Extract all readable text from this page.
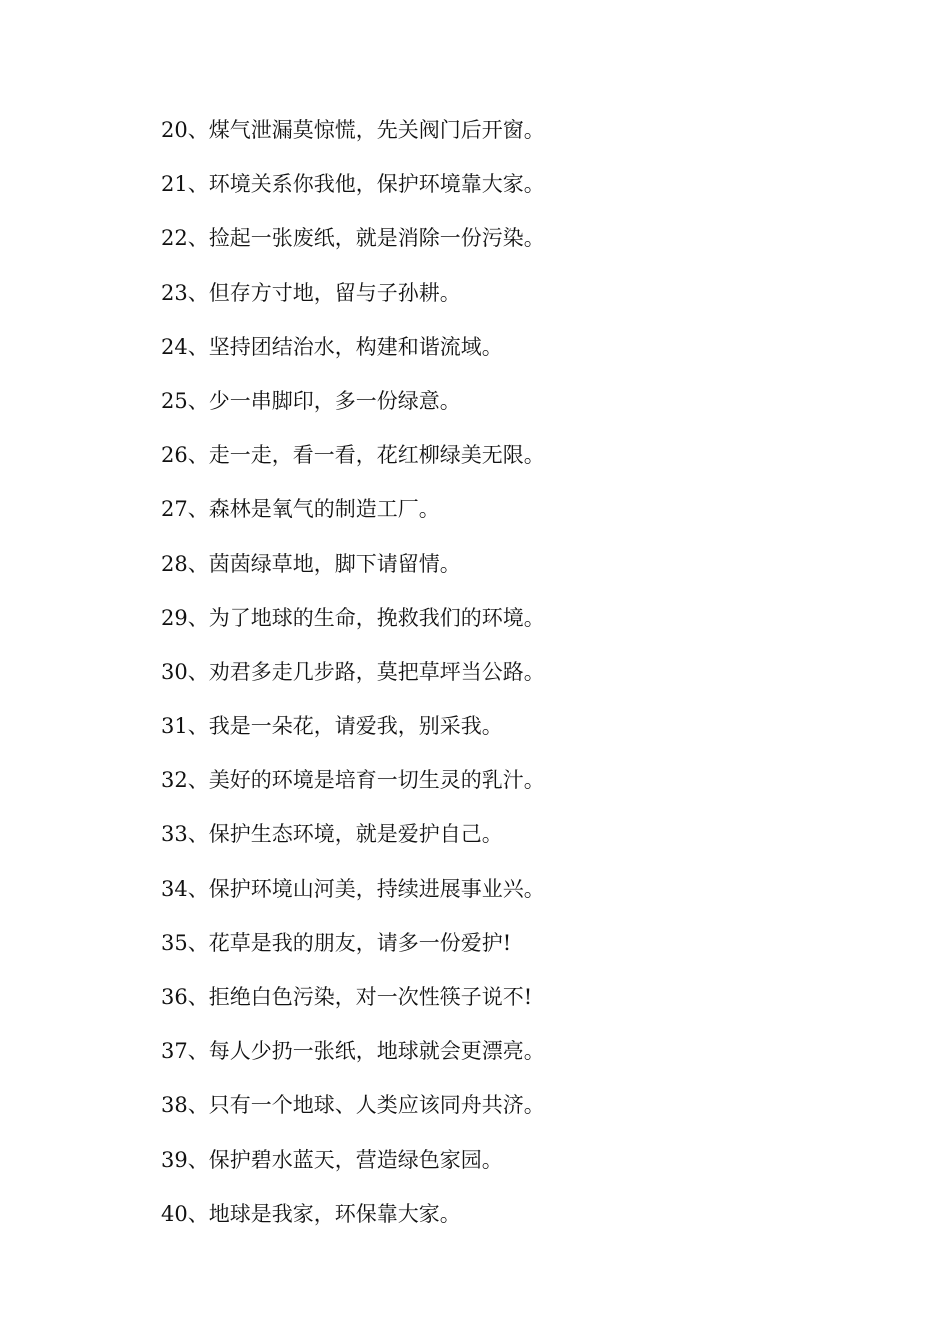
20、煤气泄漏莫惊慌，先关阀门后开窗。
21、环境关系你我他，保护环境靠大家。
22、捡起一张废纸，就是消除一份污染。
23、但存方寸地，留与子孙耕。
24、坚持团结治水，构建和谐流域。
25、少一串脚印，多一份绿意。
26、走一走，看一看，花红柳绿美无限。
27、森林是氧气的制造工厂。
28、茵茵绿草地，脚下请留情。
29、为了地球的生命，挽救我们的环境。
30、劝君多走几步路，莫把草坪当公路。
31、我是一朵花，请爱我，别采我。
32、美好的环境是培育一切生灵的乳汁。
33、保护生态环境，就是爱护自己。
34、保护环境山河美，持续进展事业兴。
35、花草是我的朋友，请多一份爱护!
36、拒绝白色污染，对一次性筷子说不!
37、每人少扔一张纸，地球就会更漂亮。
38、只有一个地球、人类应该同舟共济。
39、保护碧水蓝天，营造绿色家园。
40、地球是我家，环保靠大家。
